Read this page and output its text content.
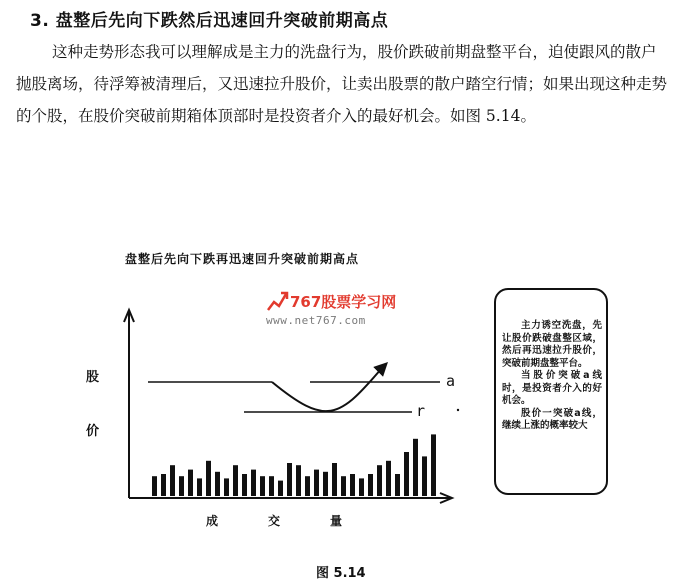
3. 盘整后先向下跌然后迅速回升突破前期高点

这种走势形态我可以理解成是主力的洗盘行为，股价跌破前期盘整平台，迫使跟风的散户抛股离场，待浮筹被清理后，又迅速拉升股价，让卖出股票的散户踏空行情；如果出现这种走势的个股，在股价突破前期箱体顶部时是投资者介入的最好机会。如图 5.14。

盘整后先向下跌再迅速回升突破前期高点
767股票学习网
www.net767.com
股
价
a
r
成	交	量

主力诱空洗盘，先让股价跌破盘整区域，然后再迅速拉升股价，突破前期盘整平台。

当股价突破a线时，是投资者介入的好机会。

股价一突破a线，继续上涨的概率较大

图 5.14
